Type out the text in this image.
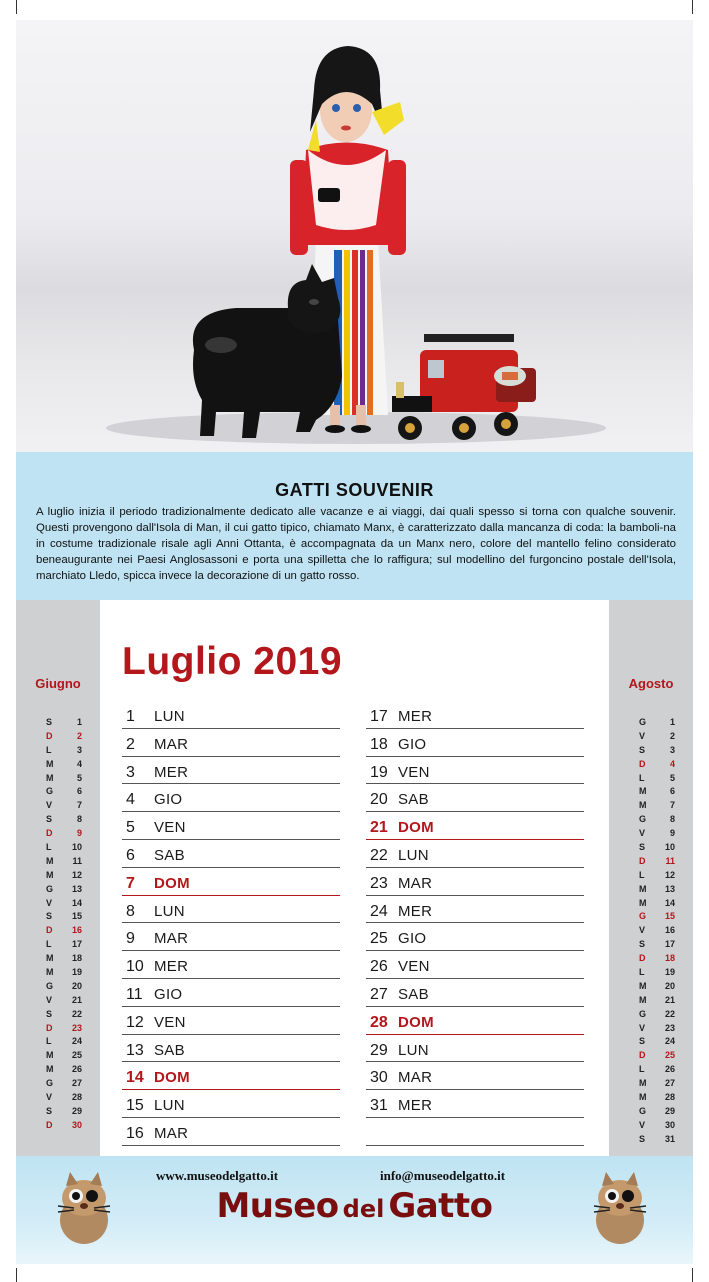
GATTI SOUVENIR
A luglio inizia il periodo tradizionalmente dedicato alle vacanze e ai viaggi, dai quali spesso si torna con qualche souvenir. Questi provengono dall'Isola di Man, il cui gatto tipico, chiamato Manx, è caratterizzato dalla mancanza di coda: la bamboli-na in costume tradizionale risale agli Anni Ottanta, è accompagnata da un Manx nero, colore del mantello felino considerato beneaugurante nei Paesi Anglosassoni e porta una spilletta che lo raffigura; sul modellino del furgoncino postale dell'Isola, marchiato Lledo, spicca invece la decorazione di un gatto rosso.
Giugno
S	1
D	2
L	3
M	4
M	5
G	6
V	7
S	8
D	9
L	10
M	11
M	12
G	13
V	14
S	15
D	16
L	17
M	18
M	19
G	20
V	21
S	22
D	23
L	24
M	25
M	26
G	27
V	28
S	29
D	30
Luglio 2019
1 LUN
2 MAR
3 MER
4 GIO
5 VEN
6 SAB
7 DOM
8 LUN
9 MAR
10 MER
11 GIO
12 VEN
13 SAB
14 DOM
15 LUN
16 MAR
17 MER
18 GIO
19 VEN
20 SAB
21 DOM
22 LUN
23 MAR
24 MER
25 GIO
26 VEN
27 SAB
28 DOM
29 LUN
30 MAR
31 MER
Agosto
G	1
V	2
S	3
D	4
L	5
M	6
M	7
G	8
V	9
S	10
D	11
L	12
M	13
M	14
G	15
V	16
S	17
D	18
L	19
M	20
M	21
G	22
V	23
S	24
D	25
L	26
M	27
M	28
G	29
V	30
S	31
www.museodelgatto.it	info@museodelgatto.it
Museo del Gatto
